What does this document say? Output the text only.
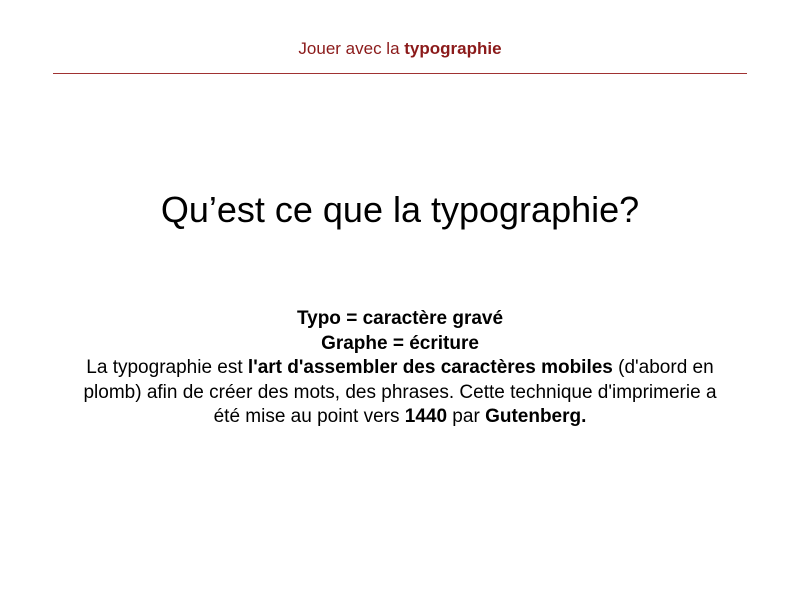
Jouer avec la typographie
Qu’est ce que la typographie?
Typo = caractère gravé
Graphe = écriture
La typographie est l'art d'assembler des caractères mobiles (d'abord en plomb) afin de créer des mots, des phrases. Cette technique d'imprimerie a été mise au point vers 1440 par Gutenberg.
